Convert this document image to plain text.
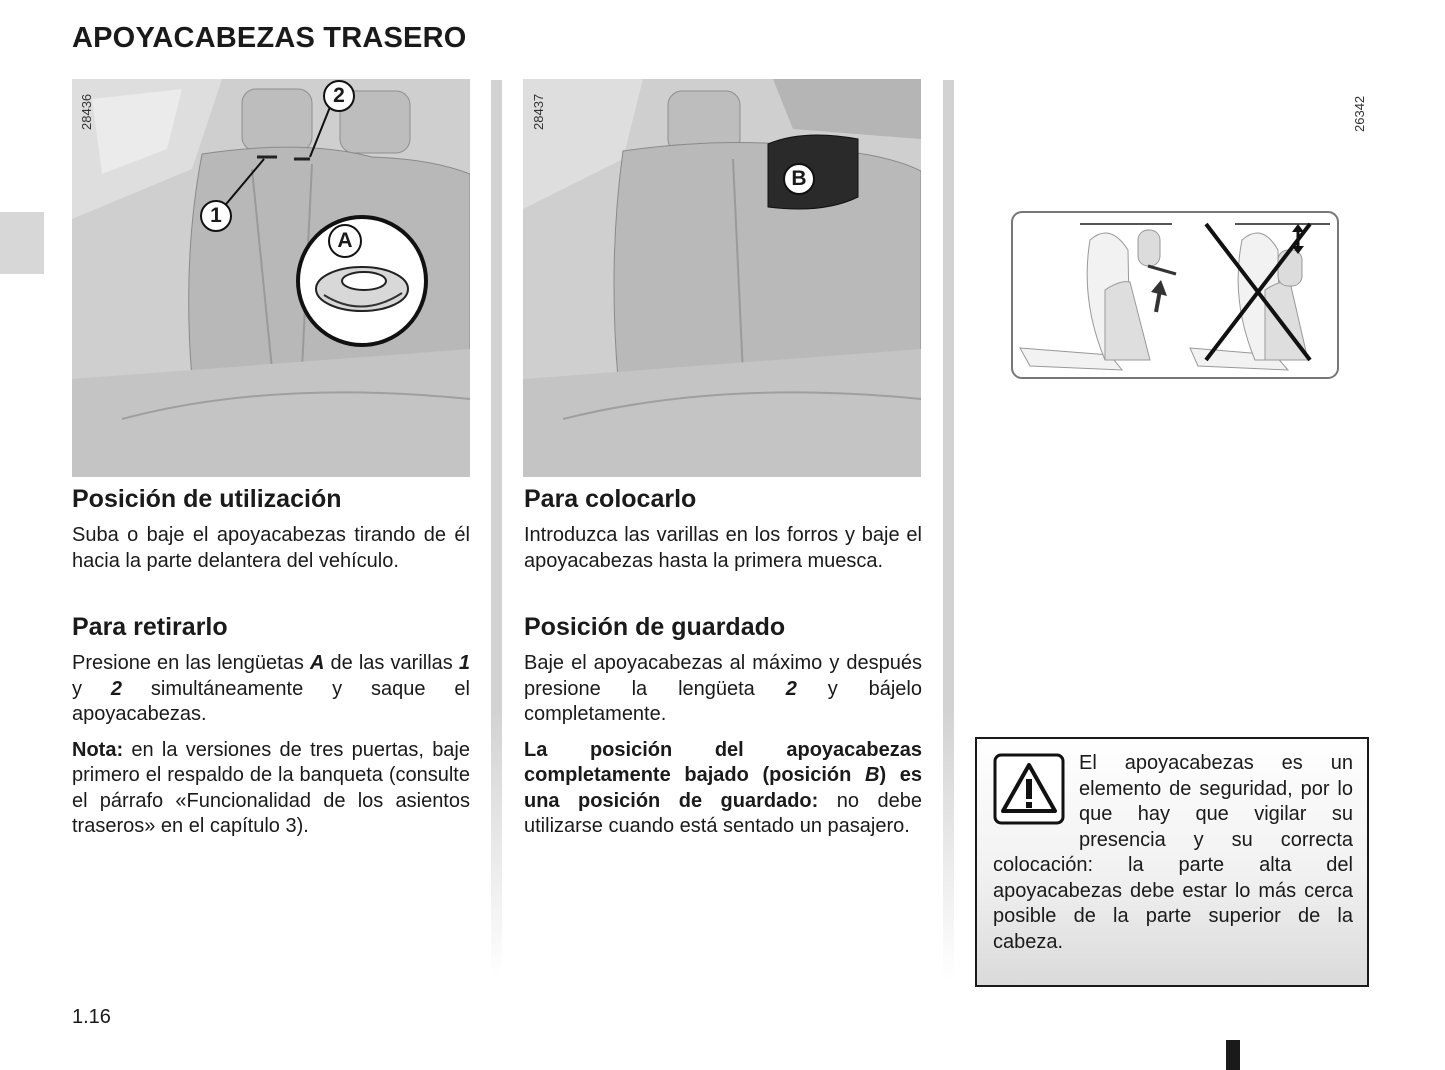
APOYACABEZAS TRASERO
1
2
A
28436
B
28437	26342
Posición de utilización

Suba o baje el apoyacabezas tirando de él hacia la parte delantera del vehículo.

Para retirarlo

Presione en las lengüetas A de las varillas 1 y 2 simultáneamente y saque el apoyacabezas.

Nota: en la versiones de tres puertas, baje primero el respaldo de la banqueta (consulte el párrafo «Funcionalidad de los asientos traseros» en el capítulo 3).

Para colocarlo

Introduzca las varillas en los forros y baje el apoyacabezas hasta la primera muesca.

Posición de guardado

Baje el apoyacabezas al máximo y después presione la lengüeta 2 y bájelo completamente.

La posición del apoyacabezas completamente bajado (posición B) es una posición de guardado: no debe utilizarse cuando está sentado un pasajero.

El apoyacabezas es un elemento de seguridad, por lo que hay que vigilar su presencia y su correcta colocación: la parte alta del apoyacabezas debe estar lo más cerca posible de la parte superior de la cabeza.

1.16
